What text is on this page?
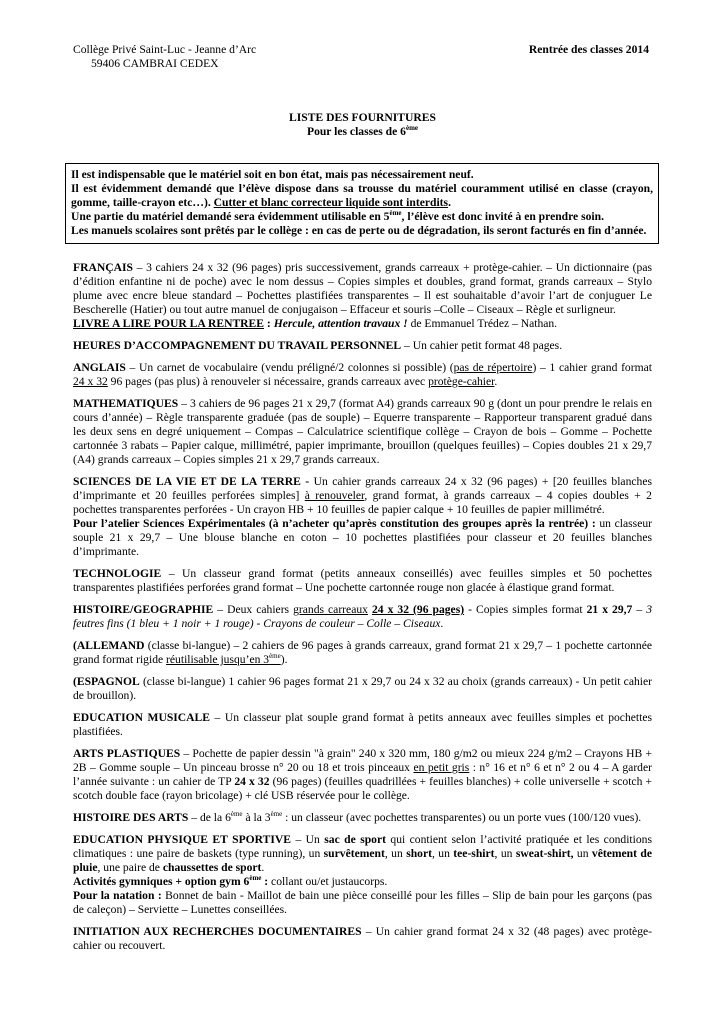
Collège Privé Saint-Luc - Jeanne d’Arc
59406 CAMBRAI CEDEX
Rentrée des classes 2014
LISTE DES FOURNITURES
Pour les classes de 6ème

Il est indispensable que le matériel soit en bon état, mais pas nécessairement neuf.

Il est évidemment demandé que l’élève dispose dans sa trousse du matériel couramment utilisé en classe (crayon, gomme, taille-crayon etc…). Cutter et blanc correcteur liquide sont interdits.

Une partie du matériel demandé sera évidemment utilisable en 5ème, l’élève est donc invité à en prendre soin.

Les manuels scolaires sont prêtés par le collège : en cas de perte ou de dégradation, ils seront facturés en fin d’année.

FRANÇAIS – 3 cahiers 24 x 32 (96 pages) pris successivement, grands carreaux + protège-cahier. – Un dictionnaire (pas d’édition enfantine ni de poche) avec le nom dessus – Copies simples et doubles, grand format, grands carreaux – Stylo plume avec encre bleue standard – Pochettes plastifiées transparentes – Il est souhaitable d’avoir l’art de conjuguer Le Bescherelle (Hatier) ou tout autre manuel de conjugaison – Effaceur et souris –Colle – Ciseaux – Règle et surligneur.

LIVRE A LIRE POUR LA RENTREE : Hercule, attention travaux ! de Emmanuel Trédez – Nathan.

HEURES D’ACCOMPAGNEMENT DU TRAVAIL PERSONNEL – Un cahier petit format 48 pages.

ANGLAIS – Un carnet de vocabulaire (vendu préligné/2 colonnes si possible) (pas de répertoire) – 1 cahier grand format 24 x 32 96 pages (pas plus) à renouveler si nécessaire, grands carreaux avec protège-cahier.

MATHEMATIQUES – 3 cahiers de 96 pages 21 x 29,7 (format A4) grands carreaux 90 g (dont un pour prendre le relais en cours d’année) – Règle transparente graduée (pas de souple) – Equerre transparente – Rapporteur transparent gradué dans les deux sens en degré uniquement – Compas – Calculatrice scientifique collège – Crayon de bois – Gomme – Pochette cartonnée 3 rabats – Papier calque, millimétré, papier imprimante, brouillon (quelques feuilles) – Copies doubles 21 x 29,7 (A4) grands carreaux – Copies simples 21 x 29,7 grands carreaux.

SCIENCES DE LA VIE ET DE LA TERRE - Un cahier grands carreaux 24 x 32 (96 pages) + [20 feuilles blanches d’imprimante et 20 feuilles perforées simples] à renouveler, grand format, à grands carreaux – 4 copies doubles + 2 pochettes transparentes perforées - Un crayon HB + 10 feuilles de papier calque + 10 feuilles de papier millimétré.

Pour l’atelier Sciences Expérimentales (à n’acheter qu’après constitution des groupes après la rentrée) : un classeur souple 21 x 29,7 – Une blouse blanche en coton – 10 pochettes plastifiées pour classeur et 20 feuilles blanches d’imprimante.

TECHNOLOGIE – Un classeur grand format (petits anneaux conseillés) avec feuilles simples et 50 pochettes transparentes plastifiées perforées grand format – Une pochette cartonnée rouge non glacée à élastique grand format.

HISTOIRE/GEOGRAPHIE – Deux cahiers grands carreaux 24 x 32 (96 pages) - Copies simples format 21 x 29,7 – 3 feutres fins (1 bleu + 1 noir + 1 rouge) - Crayons de couleur – Colle – Ciseaux.

(ALLEMAND (classe bi-langue) – 2 cahiers de 96 pages à grands carreaux, grand format 21 x 29,7 – 1 pochette cartonnée grand format rigide réutilisable jusqu’en 3ème).

(ESPAGNOL (classe bi-langue) 1 cahier 96 pages format 21 x 29,7 ou 24 x 32 au choix (grands carreaux) - Un petit cahier de brouillon).

EDUCATION MUSICALE – Un classeur plat souple grand format à petits anneaux avec feuilles simples et pochettes plastifiées.

ARTS PLASTIQUES – Pochette de papier dessin "à grain" 240 x 320 mm, 180 g/m2 ou mieux 224 g/m2 – Crayons HB + 2B – Gomme souple – Un pinceau brosse n° 20 ou 18 et trois pinceaux en petit gris : n° 16 et n° 6 et n° 2 ou 4 – A garder l’année suivante : un cahier de TP 24 x 32 (96 pages) (feuilles quadrillées + feuilles blanches) + colle universelle + scotch + scotch double face (rayon bricolage) + clé USB réservée pour le collège.

HISTOIRE DES ARTS – de la 6ème à la 3ème : un classeur (avec pochettes transparentes) ou un porte vues (100/120 vues).

EDUCATION PHYSIQUE ET SPORTIVE – Un sac de sport qui contient selon l’activité pratiquée et les conditions climatiques : une paire de baskets (type running), un survêtement, un short, un tee-shirt, un sweat-shirt, un vêtement de pluie, une paire de chaussettes de sport.

Activités gymniques + option gym 6ème : collant ou/et justaucorps.

Pour la natation : Bonnet de bain - Maillot de bain une pièce conseillé pour les filles – Slip de bain pour les garçons (pas de caleçon) – Serviette – Lunettes conseillées.

INITIATION AUX RECHERCHES DOCUMENTAIRES – Un cahier grand format 24 x 32 (48 pages) avec protège-cahier ou recouvert.
